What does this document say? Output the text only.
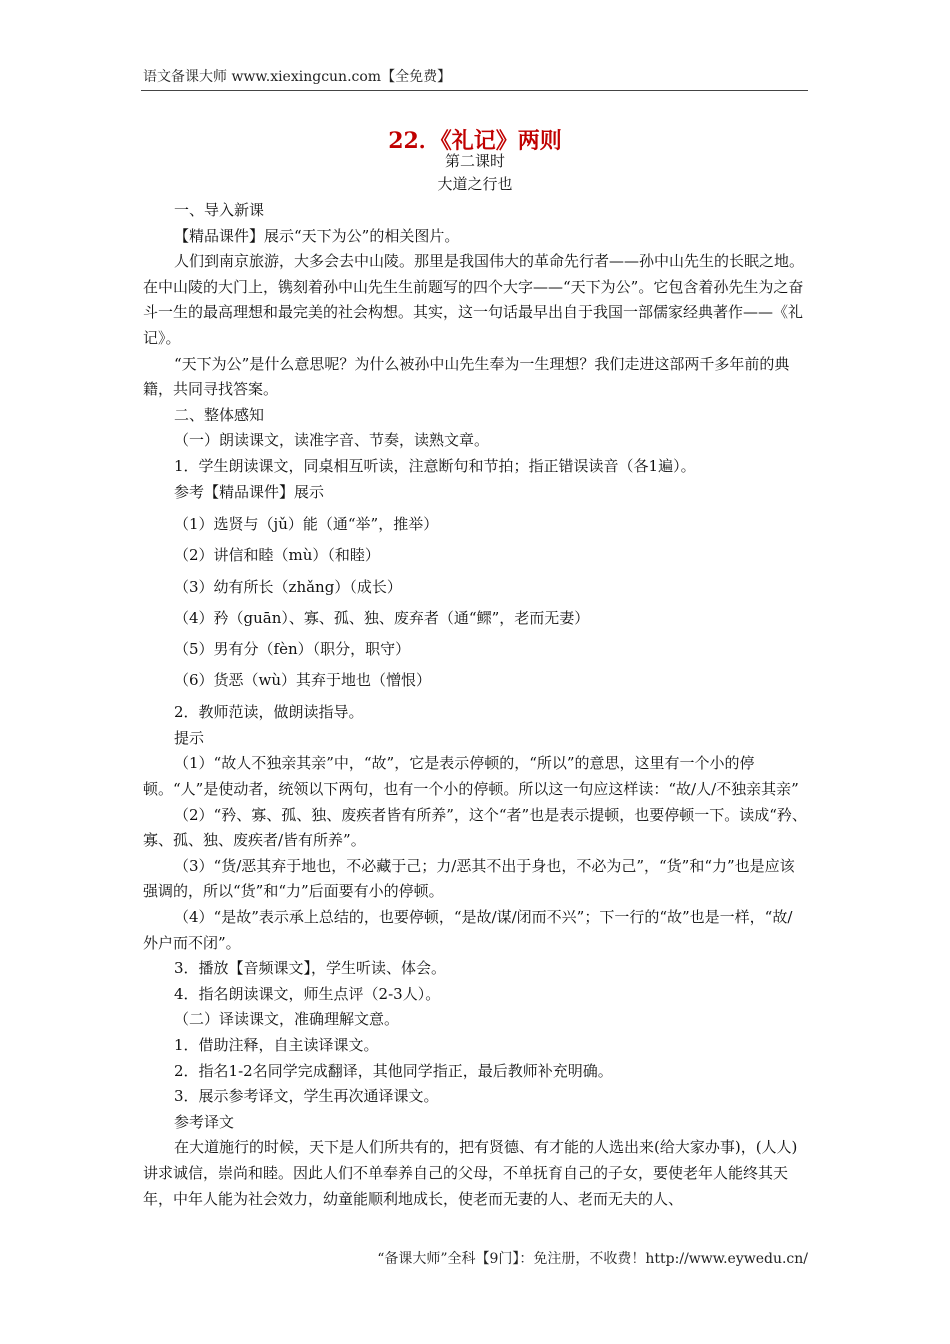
语文备课大师 www.xiexingcun.com【全免费】
22．《礼记》两则
第二课时
大道之行也

一、导入新课

【精品课件】展示“天下为公”的相关图片。

人们到南京旅游，大多会去中山陵。那里是我国伟大的革命先行者——孙中山先生的长眠之地。在中山陵的大门上，镌刻着孙中山先生生前题写的四个大字——“天下为公”。它包含着孙先生为之奋斗一生的最高理想和最完美的社会构想。其实，这一句话最早出自于我国一部儒家经典著作——《礼记》。

“天下为公”是什么意思呢？为什么被孙中山先生奉为一生理想？我们走进这部两千多年前的典籍，共同寻找答案。

二、整体感知

（一）朗读课文，读准字音、节奏，读熟文章。

1．学生朗读课文，同桌相互听读，注意断句和节拍；指正错误读音（各1遍）。

参考【精品课件】展示

（1）选贤与（jǔ）能（通“举”，推举）

（2）讲信和睦（mù）（和睦）

（3）幼有所长（zhǎng）（成长）

（4）矜（guān）、寡、孤、独、废弃者（通“鳏”，老而无妻）

（5）男有分（fèn）（职分，职守）

（6）货恶（wù）其弃于地也（憎恨）

2．教师范读，做朗读指导。

提示

（1）“故人不独亲其亲”中，“故”，它是表示停顿的，“所以”的意思，这里有一个小的停顿。“人”是使动者，统领以下两句，也有一个小的停顿。所以这一句应这样读：“故/人/不独亲其亲”

（2）“矜、寡、孤、独、废疾者皆有所养”，这个“者”也是表示提顿，也要停顿一下。读成“矜、寡、孤、独、废疾者/皆有所养”。

（3）“货/恶其弃于地也，不必藏于己；力/恶其不出于身也，不必为己”，“货”和“力”也是应该强调的，所以“货”和“力”后面要有小的停顿。

（4）“是故”表示承上总结的，也要停顿，“是故/谋/闭而不兴”；下一行的“故”也是一样，“故/外户而不闭”。

3．播放【音频课文】，学生听读、体会。

4．指名朗读课文，师生点评（2-3人）。

（二）译读课文，准确理解文意。

1．借助注释，自主读译课文。

2．指名1-2名同学完成翻译，其他同学指正，最后教师补充明确。

3．展示参考译文，学生再次通译课文。

参考译文

在大道施行的时候，天下是人们所共有的，把有贤德、有才能的人选出来(给大家办事)，(人人)讲求诚信，崇尚和睦。因此人们不单奉养自己的父母，不单抚育自己的子女，要使老年人能终其天年，中年人能为社会效力，幼童能顺利地成长，使老而无妻的人、老而无夫的人、

“备课大师”全科【9门】：免注册，不收费！http://www.eywedu.cn/
